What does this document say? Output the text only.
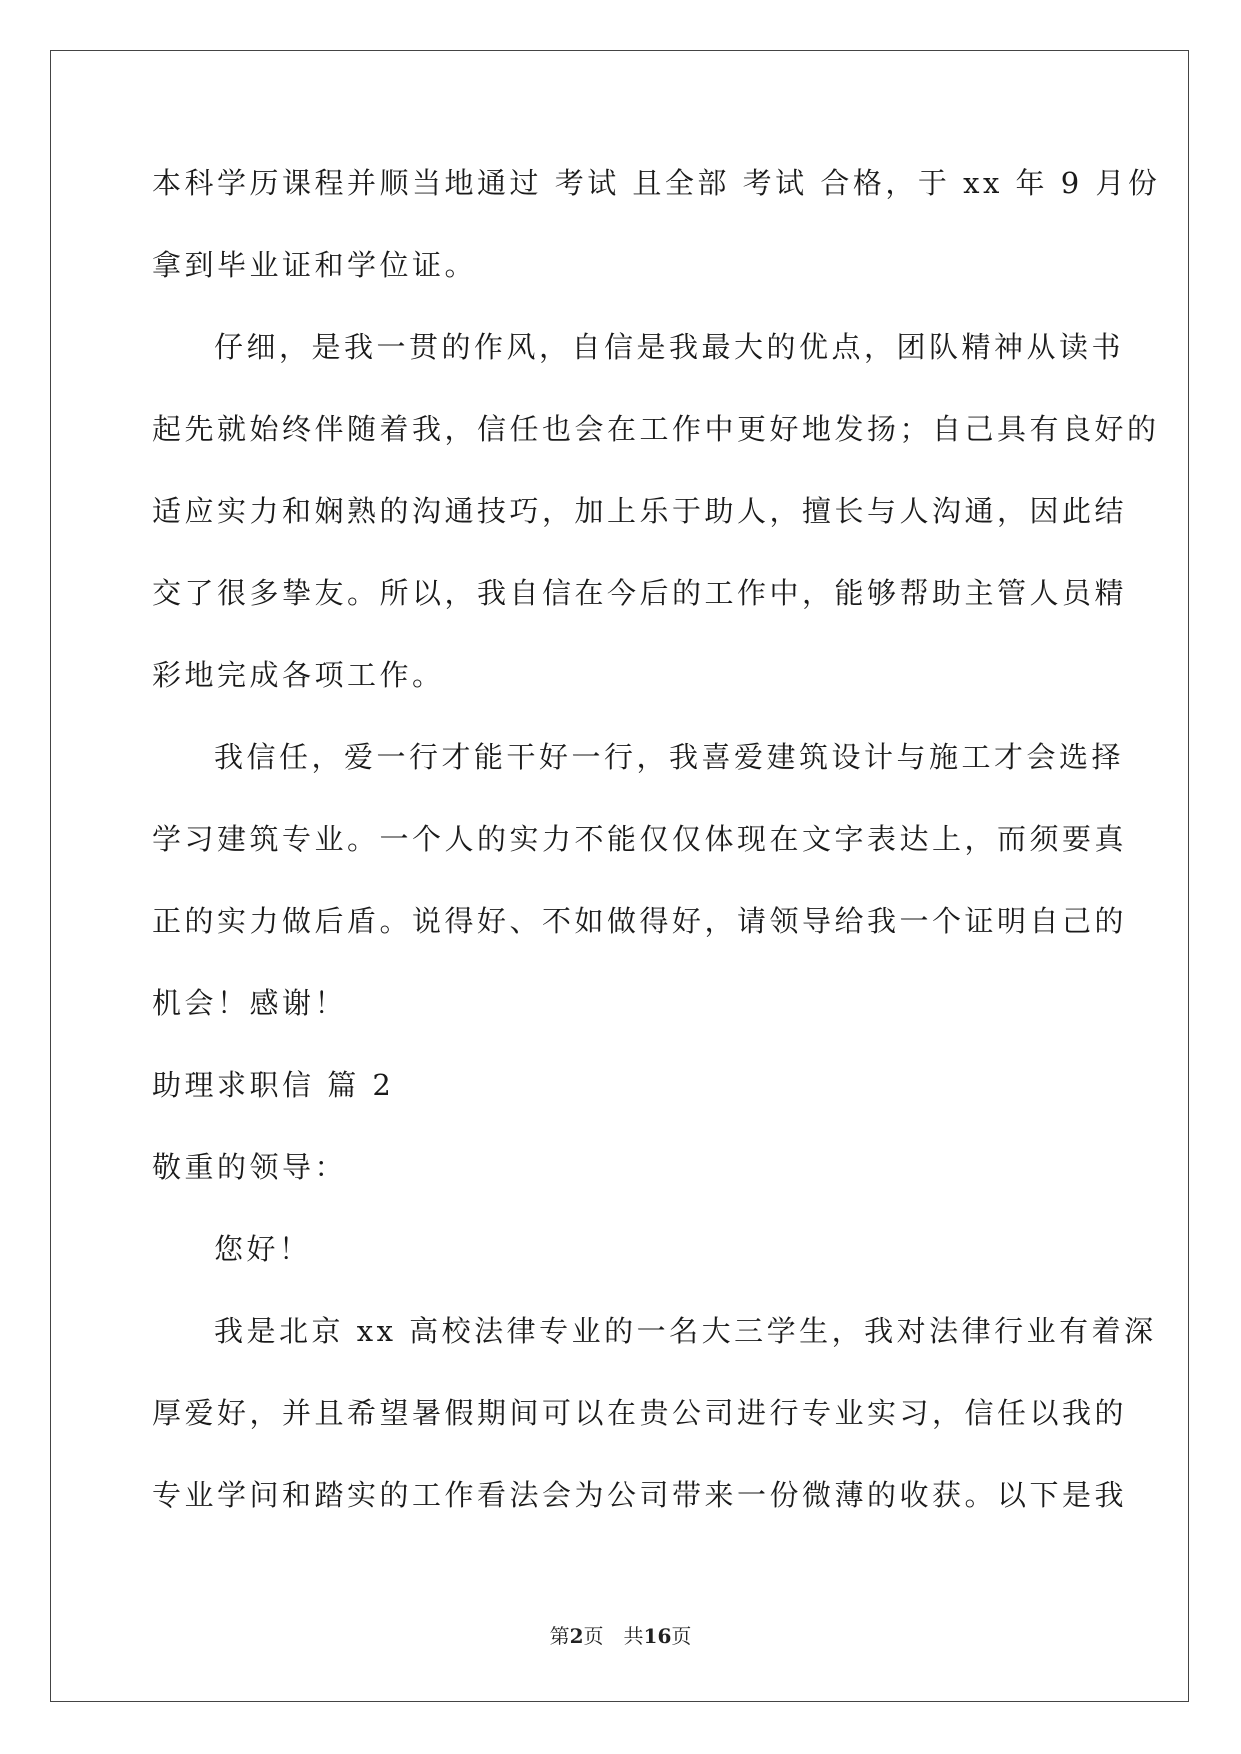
本科学历课程并顺当地通过 考试 且全部 考试 合格，于 xx 年 9 月份
拿到毕业证和学位证。
仔细，是我一贯的作风，自信是我最大的优点，团队精神从读书
起先就始终伴随着我，信任也会在工作中更好地发扬；自己具有良好的
适应实力和娴熟的沟通技巧，加上乐于助人，擅长与人沟通，因此结
交了很多挚友。所以，我自信在今后的工作中，能够帮助主管人员精
彩地完成各项工作。
我信任，爱一行才能干好一行，我喜爱建筑设计与施工才会选择
学习建筑专业。一个人的实力不能仅仅体现在文字表达上，而须要真
正的实力做后盾。说得好、不如做得好，请领导给我一个证明自己的
机会！感谢！
助理求职信 篇 2
敬重的领导：
您好！
我是北京 xx 高校法律专业的一名大三学生，我对法律行业有着深
厚爱好，并且希望暑假期间可以在贵公司进行专业实习，信任以我的
专业学问和踏实的工作看法会为公司带来一份微薄的收获。以下是我
第2页 共16页
